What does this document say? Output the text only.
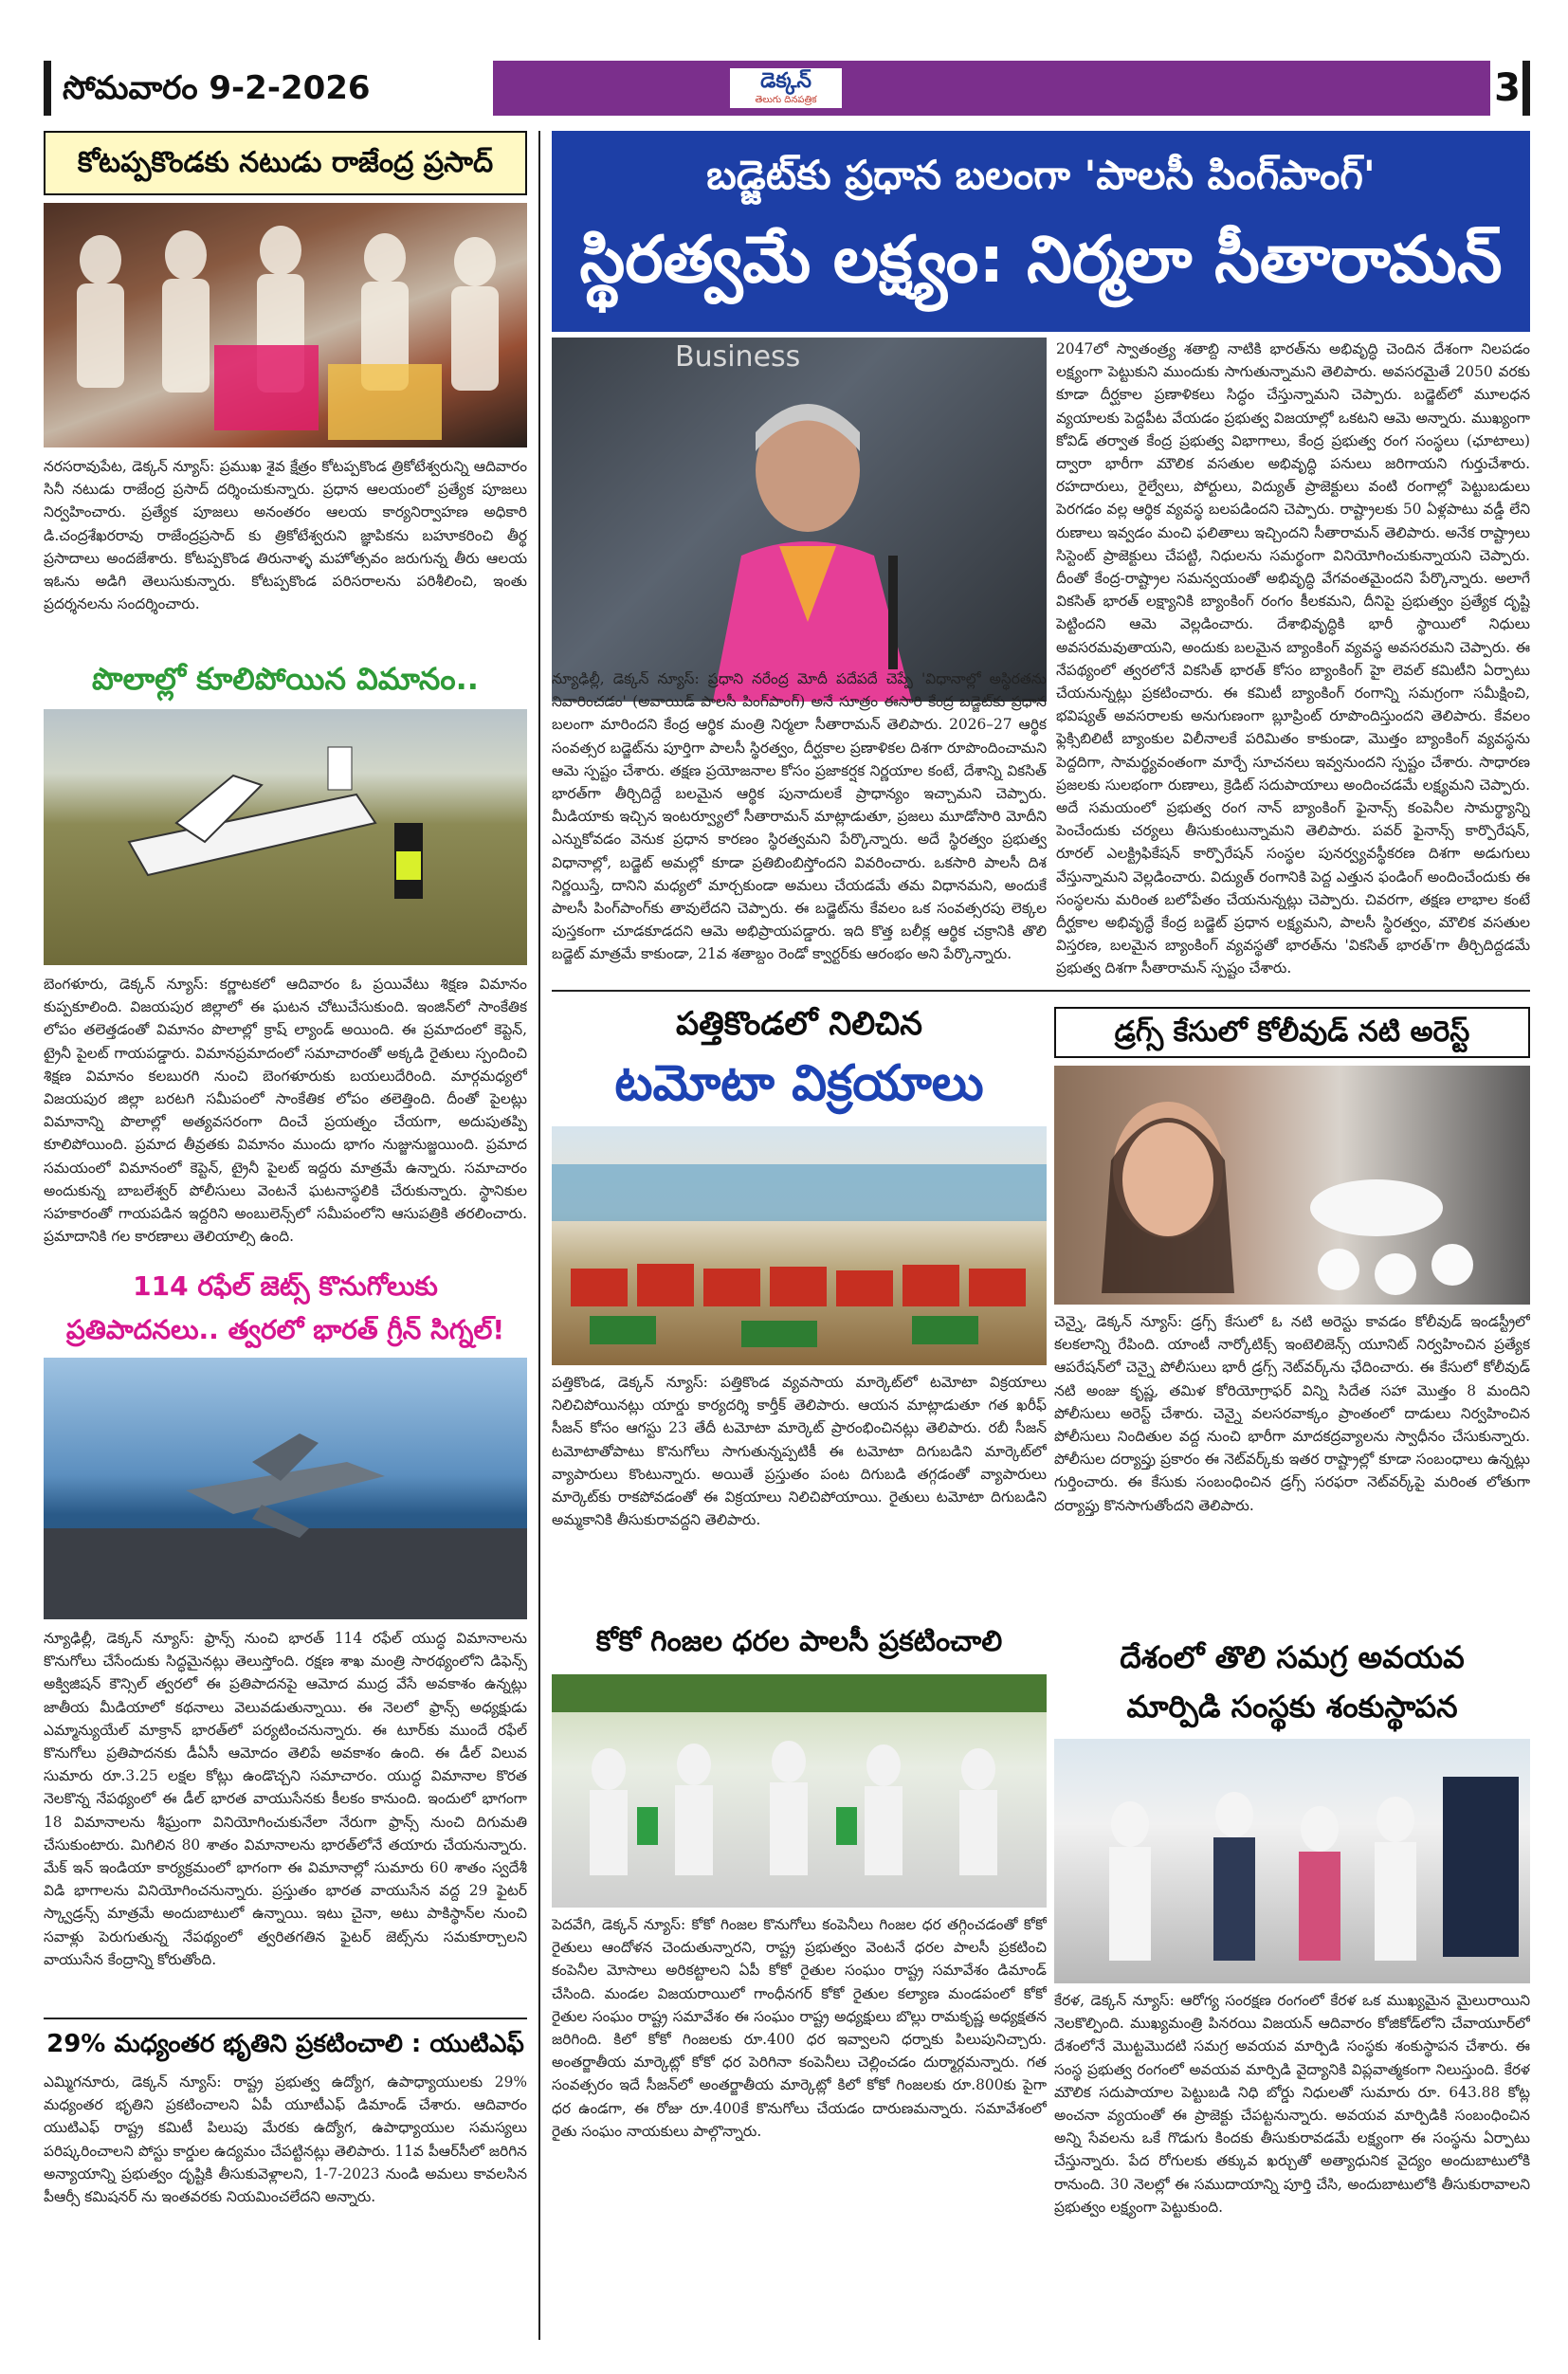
సోమవారం 9-2-2026	డెక్కన్
తెలుగు దినపత్రిక	3
కోటప్పకొండకు నటుడు రాజేంద్ర ప్రసాద్
నరసరావుపేట, డెక్కన్ న్యూస్: ప్రముఖ శైవ క్షేత్రం కోటప్పకొండ త్రికోటేశ్వరున్ని ఆదివారం సినీ నటుడు రాజేంద్ర ప్రసాద్ దర్శించుకున్నారు. ప్రధాన ఆలయంలో ప్రత్యేక పూజలు నిర్వహించారు. ప్రత్యేక పూజలు అనంతరం ఆలయ కార్యనిర్వాహణ అధికారి డి.చంద్రశేఖరరావు రాజేంద్రప్రసాద్ కు త్రికోటేశ్వరుని జ్ఞాపికను బహూకరించి తీర్థ ప్రసాదాలు అందజేశారు. కోటప్పకొండ తిరునాళ్ళ మహోత్సవం జరుగున్న తీరు ఆలయ ఇఓను అడిగి తెలుసుకున్నారు. కోటప్పకొండ పరిసరాలను పరిశీలించి, ఇంతు ప్రదర్శనలను సందర్శించారు.
పొలాల్లో కూలిపోయిన విమానం..
బెంగళూరు, డెక్కన్ న్యూస్: కర్ణాటకలో ఆదివారం ఓ ప్రయివేటు శిక్షణ విమానం కుప్పకూలింది. విజయపుర జిల్లాలో ఈ ఘటన చోటుచేసుకుంది. ఇంజిన్‌లో సాంకేతిక లోపం తలెత్తడంతో విమానం పొలాల్లో క్రాష్ ల్యాండ్ అయింది. ఈ ప్రమాదంలో కెప్టెన్, ట్రైనీ పైలట్ గాయపడ్డారు. విమానప్రమాదంలో సమాచారంతో అక్కడి రైతులు స్పందించి శిక్షణ విమానం కలబురగి నుంచి బెంగళూరుకు బయలుదేరింది. మార్గమధ్యలో విజయపుర జిల్లా బరటగి సమీపంలో సాంకేతిక లోపం తలెత్తింది. దీంతో పైలట్లు విమానాన్ని పొలాల్లో అత్యవసరంగా దించే ప్రయత్నం చేయగా, అదుపుతప్పి కూలిపోయింది. ప్రమాద తీవ్రతకు విమానం ముందు భాగం నుజ్జునుజ్జయింది. ప్రమాద సమయంలో విమానంలో కెప్టెన్, ట్రైనీ పైలట్ ఇద్దరు మాత్రమే ఉన్నారు. సమాచారం అందుకున్న బాబలేశ్వర్ పోలీసులు వెంటనే ఘటనాస్థలికి చేరుకున్నారు. స్థానికుల సహకారంతో గాయపడిన ఇద్దరిని అంబులెన్స్‌లో సమీపంలోని ఆసుపత్రికి తరలించారు. ప్రమాదానికి గల కారణాలు తెలియాల్సి ఉంది.
114 రఫేల్ జెట్స్ కొనుగోలుకు
ప్రతిపాదనలు.. త్వరలో భారత్ గ్రీన్ సిగ్నల్!
న్యూఢిల్లీ, డెక్కన్ న్యూస్: ఫ్రాన్స్ నుంచి భారత్ 114 రఫేల్ యుద్ధ విమానాలను కొనుగోలు చేసేందుకు సిద్ధమైనట్లు తెలుస్తోంది. రక్షణ శాఖ మంత్రి సారథ్యంలోని డిఫెన్స్ అక్విజిషన్ కౌన్సిల్ త్వరలో ఈ ప్రతిపాదనపై ఆమోద ముద్ర వేసే అవకాశం ఉన్నట్లు జాతీయ మీడియాలో కథనాలు వెలువడుతున్నాయి. ఈ నెలలో ఫ్రాన్స్ అధ్యక్షుడు ఎమ్మాన్యుయేల్ మాక్రాన్ భారత్‌లో పర్యటించనున్నారు. ఈ టూర్‌కు ముందే రఫేల్ కొనుగోలు ప్రతిపాదనకు డీఏసీ ఆమోదం తెలిపే అవకాశం ఉంది. ఈ డీల్ విలువ సుమారు రూ.3.25 లక్షల కోట్లు ఉండొచ్చని సమాచారం. యుద్ధ విమానాల కొరత నెలకొన్న నేపథ్యంలో ఈ డీల్ భారత వాయుసేనకు కీలకం కానుంది. ఇందులో భాగంగా 18 విమానాలను శీఘ్రంగా వినియోగించుకునేలా నేరుగా ఫ్రాన్స్ నుంచి దిగుమతి చేసుకుంటారు. మిగిలిన 80 శాతం విమానాలను భారత్‌లోనే తయారు చేయనున్నారు. మేక్ ఇన్ ఇండియా కార్యక్రమంలో భాగంగా ఈ విమానాల్లో సుమారు 60 శాతం స్వదేశీ విడి భాగాలను వినియోగించనున్నారు. ప్రస్తుతం భారత వాయుసేన వద్ద 29 ఫైటర్ స్క్వాడ్రన్స్ మాత్రమే అందుబాటులో ఉన్నాయి. ఇటు చైనా, అటు పాకిస్థాన్‌ల నుంచి సవాళ్లు పెరుగుతున్న నేపథ్యంలో త్వరితగతిన ఫైటర్ జెట్స్‌ను సమకూర్చాలని వాయుసేన కేంద్రాన్ని కోరుతోంది.
29% మధ్యంతర భృతిని ప్రకటించాలి : యుటిఎఫ్
ఎమ్మిగనూరు, డెక్కన్ న్యూస్: రాష్ట్ర ప్రభుత్వ ఉద్యోగ, ఉపాధ్యాయులకు 29% మధ్యంతర భృతిని ప్రకటించాలని ఏపీ యూటీఎఫ్ డిమాండ్ చేశారు. ఆదివారం యుటిఎఫ్ రాష్ట్ర కమిటీ పిలుపు మేరకు ఉద్యోగ, ఉపాధ్యాయుల సమస్యలు పరిష్కరించాలని పోస్టు కార్డుల ఉద్యమం చేపట్టినట్లు తెలిపారు. 11వ పీఆర్‌సీలో జరిగిన అన్యాయాన్ని ప్రభుత్వం దృష్టికి తీసుకువెళ్లాలని, 1-7-2023 నుండి అమలు కావలసిన పీఆర్సీ కమిషనర్ ను ఇంతవరకు నియమించలేదని అన్నారు.
బడ్జెట్‌కు ప్రధాన బలంగా 'పాలసీ పింగ్‌పాంగ్'
స్థిరత్వమే లక్ష్యం: నిర్మలా సీతారామన్
Business
న్యూఢిల్లీ, డెక్కన్ న్యూస్: ప్రధాని నరేంద్ర మోదీ పదేపదే చెప్పే 'విధానాల్లో అస్థిరతను నివారించడం' (అవాయిడ్ పాలసీ పింగ్‌పాంగ్) అనే సూత్రం ఈసారి కేంద్ర బడ్జెట్‌కు ప్రధాన బలంగా మారిందని కేంద్ర ఆర్థిక మంత్రి నిర్మలా సీతారామన్ తెలిపారు. 2026–27 ఆర్థిక సంవత్సర బడ్జెట్‌ను పూర్తిగా పాలసీ స్థిరత్వం, దీర్ఘకాల ప్రణాళికల దిశగా రూపొందించామని ఆమె స్పష్టం చేశారు. తక్షణ ప్రయోజనాల కోసం ప్రజాకర్షక నిర్ణయాల కంటే, దేశాన్ని వికసిత్ భారత్‌గా తీర్చిదిద్దే బలమైన ఆర్థిక పునాదులకే ప్రాధాన్యం ఇచ్చామని చెప్పారు. మీడియాకు ఇచ్చిన ఇంటర్వ్యూలో సీతారామన్ మాట్లాడుతూ, ప్రజలు మూడోసారి మోదీని ఎన్నుకోవడం వెనుక ప్రధాన కారణం స్థిరత్వమని పేర్కొన్నారు. అదే స్థిరత్వం ప్రభుత్వ విధానాల్లో, బడ్జెట్ అమల్లో కూడా ప్రతిబింబిస్తోందని వివరించారు. ఒకసారి పాలసీ దిశ నిర్ణయిస్తే, దానిని మధ్యలో మార్చకుండా అమలు చేయడమే తమ విధానమని, అందుకే పాలసీ పింగ్‌పాంగ్‌కు తావులేదని చెప్పారు. ఈ బడ్జెట్‌ను కేవలం ఒక సంవత్సరపు లెక్కల పుస్తకంగా చూడకూడదని ఆమె అభిప్రాయపడ్డారు. ఇది కొత్త బలీక్ల ఆర్థిక చక్రానికి తొలి బడ్జెట్ మాత్రమే కాకుండా, 21వ శతాబ్దం రెండో క్వార్టర్‌కు ఆరంభం అని పేర్కొన్నారు.
2047లో స్వాతంత్ర్య శతాబ్ది నాటికి భారత్‌ను అభివృద్ధి చెందిన దేశంగా నిలపడం లక్ష్యంగా పెట్టుకుని ముందుకు సాగుతున్నామని తెలిపారు. అవసరమైతే 2050 వరకు కూడా దీర్ఘకాల ప్రణాళికలు సిద్ధం చేస్తున్నామని చెప్పారు. బడ్జెట్‌లో మూలధన వ్యయాలకు పెద్దపీట వేయడం ప్రభుత్వ విజయాల్లో ఒకటని ఆమె అన్నారు. ముఖ్యంగా కోవిడ్ తర్వాత కేంద్ర ప్రభుత్వ విభాగాలు, కేంద్ర ప్రభుత్వ రంగ సంస్థలు (ఛూటాలు) ద్వారా భారీగా మౌలిక వసతుల అభివృద్ధి పనులు జరిగాయని గుర్తుచేశారు. రహదారులు, రైల్వేలు, పోర్టులు, విద్యుత్ ప్రాజెక్టులు వంటి రంగాల్లో పెట్టుబడులు పెరగడం వల్ల ఆర్థిక వ్యవస్థ బలపడిందని చెప్పారు. రాష్ట్రాలకు 50 ఏళ్లపాటు వడ్డీ లేని రుణాలు ఇవ్వడం మంచి ఫలితాలు ఇచ్చిందని సీతారామన్ తెలిపారు. అనేక రాష్ట్రాలు సిస్టెంట్ ప్రాజెక్టులు చేపట్టి, నిధులను సమర్థంగా వినియోగించుకున్నాయని చెప్పారు. దీంతో కేంద్ర-రాష్ట్రాల సమన్వయంతో అభివృద్ధి వేగవంతమైందని పేర్కొన్నారు. అలాగే వికసిత్ భారత్ లక్ష్యానికి బ్యాంకింగ్ రంగం కీలకమని, దీనిపై ప్రభుత్వం ప్రత్యేక దృష్టి పెట్టిందని ఆమె వెల్లడించారు. దేశాభివృద్ధికి భారీ స్థాయిలో నిధులు అవసరమవుతాయని, అందుకు బలమైన బ్యాంకింగ్ వ్యవస్థ అవసరమని చెప్పారు. ఈ నేపథ్యంలో త్వరలోనే వికసిత్ భారత్ కోసం బ్యాంకింగ్ హై లెవల్ కమిటీని ఏర్పాటు చేయనున్నట్లు ప్రకటించారు. ఈ కమిటీ బ్యాంకింగ్ రంగాన్ని సమగ్రంగా సమీక్షించి, భవిష్యత్ అవసరాలకు అనుగుణంగా బ్లూప్రింట్ రూపొందిస్తుందని తెలిపారు. కేవలం ఫ్లెక్సిబిలిటీ బ్యాంకుల విలీనాలకే పరిమితం కాకుండా, మొత్తం బ్యాంకింగ్ వ్యవస్థను పెద్దదిగా, సామర్థ్యవంతంగా మార్చే సూచనలు ఇవ్వనుందని స్పష్టం చేశారు. సాధారణ ప్రజలకు సులభంగా రుణాలు, క్రెడిట్ సదుపాయాలు అందించడమే లక్ష్యమని చెప్పారు. అదే సమయంలో ప్రభుత్వ రంగ నాన్ బ్యాంకింగ్ ఫైనాన్స్ కంపెనీల సామర్థ్యాన్ని పెంచేందుకు చర్యలు తీసుకుంటున్నామని తెలిపారు. పవర్ ఫైనాన్స్ కార్పొరేషన్, రూరల్ ఎలక్ట్రిఫికేషన్ కార్పొరేషన్ సంస్థల పునర్వ్యవస్థీకరణ దిశగా అడుగులు వేస్తున్నామని వెల్లడించారు. విద్యుత్ రంగానికి పెద్ద ఎత్తున ఫండింగ్ అందించేందుకు ఈ సంస్థలను మరింత బలోపేతం చేయనున్నట్లు చెప్పారు. చివరగా, తక్షణ లాభాల కంటే దీర్ఘకాల అభివృద్ధే కేంద్ర బడ్జెట్ ప్రధాన లక్ష్యమని, పాలసీ స్థిరత్వం, మౌలిక వసతుల విస్తరణ, బలమైన బ్యాంకింగ్ వ్యవస్థతో భారత్‌ను 'వికసిత్ భారత్'గా తీర్చిదిద్దడమే ప్రభుత్వ దిశగా సీతారామన్ స్పష్టం చేశారు.
పత్తికొండలో నిలిచిన
టమోటా విక్రయాలు
పత్తికొండ, డెక్కన్ న్యూస్: పత్తికొండ వ్యవసాయ మార్కెట్‌లో టమోటా విక్రయాలు నిలిచిపోయినట్లు యార్డు కార్యదర్శి కార్తీక్ తెలిపారు. ఆయన మాట్లాడుతూ గత ఖరీఫ్ సీజన్ కోసం ఆగస్టు 23 తేదీ టమోటా మార్కెట్ ప్రారంభించినట్లు తెలిపారు. రబీ సీజన్ టమోటాతోపాటు కొనుగోలు సాగుతున్నప్పటికీ ఈ టమోటా దిగుబడిని మార్కెట్‌లో వ్యాపారులు కొంటున్నారు. అయితే ప్రస్తుతం పంట దిగుబడి తగ్గడంతో వ్యాపారులు మార్కెట్‌కు రాకపోవడంతో ఈ విక్రయాలు నిలిచిపోయాయి. రైతులు టమోటా దిగుబడిని అమ్మకానికి తీసుకురావద్దని తెలిపారు.
కోకో గింజల ధరల పాలసీ ప్రకటించాలి
పెదవేగి, డెక్కన్ న్యూస్: కోకో గింజల కొనుగోలు కంపెనీలు గింజల ధర తగ్గించడంతో కోకో రైతులు ఆందోళన చెందుతున్నారని, రాష్ట్ర ప్రభుత్వం వెంటనే ధరల పాలసీ ప్రకటించి కంపెనీల మోసాలు అరికట్టాలని ఏపీ కోకో రైతుల సంఘం రాష్ట్ర సమావేశం డిమాండ్ చేసింది. మండల విజయరాయిలో గాంధీనగర్ కోకో రైతుల కల్యాణ మండపంలో కోకో రైతుల సంఘం రాష్ట్ర సమావేశం ఈ సంఘం రాష్ట్ర అధ్యక్షులు బొల్లు రామకృష్ణ అధ్యక్షతన జరిగింది. కిలో కోకో గింజలకు రూ.400 ధర ఇవ్వాలని ధర్నాకు పిలుపునిచ్చారు. అంతర్జాతీయ మార్కెట్లో కోకో ధర పెరిగినా కంపెనీలు చెల్లించడం దుర్మార్గమన్నారు. గత సంవత్సరం ఇదే సీజన్‌లో అంతర్జాతీయ మార్కెట్లో కిలో కోకో గింజలకు రూ.800కు పైగా ధర ఉండగా, ఈ రోజు రూ.400కే కొనుగోలు చేయడం దారుణమన్నారు. సమావేశంలో రైతు సంఘం నాయకులు పాల్గొన్నారు.
డ్రగ్స్ కేసులో కోలీవుడ్ నటి అరెస్ట్
చెన్నై, డెక్కన్ న్యూస్: డ్రగ్స్ కేసులో ఓ నటి అరెస్టు కావడం కోలీవుడ్ ఇండస్ట్రీలో కలకలాన్ని రేపింది. యాంటీ నార్కోటిక్స్ ఇంటెలిజెన్స్ యూనిట్ నిర్వహించిన ప్రత్యేక ఆపరేషన్‌లో చెన్నై పోలీసులు భారీ డ్రగ్స్ నెట్‌వర్క్‌ను ఛేదించారు. ఈ కేసులో కోలీవుడ్ నటి అంజు కృష్ణ, తమిళ కోరియోగ్రాఫర్ విన్ని సిదేత సహా మొత్తం 8 మందిని పోలీసులు అరెస్ట్ చేశారు. చెన్నై వలసరవాక్కం ప్రాంతంలో దాడులు నిర్వహించిన పోలీసులు నిందితుల వద్ద నుంచి భారీగా మాదకద్రవ్యాలను స్వాధీనం చేసుకున్నారు. పోలీసుల దర్యాప్తు ప్రకారం ఈ నెట్‌వర్క్‌కు ఇతర రాష్ట్రాల్లో కూడా సంబంధాలు ఉన్నట్లు గుర్తించారు. ఈ కేసుకు సంబంధించిన డ్రగ్స్ సరఫరా నెట్‌వర్క్‌పై మరింత లోతుగా దర్యాప్తు కొనసాగుతోందని తెలిపారు.
దేశంలో తొలి సమగ్ర అవయవ
మార్పిడి సంస్థకు శంకుస్థాపన
కేరళ, డెక్కన్ న్యూస్: ఆరోగ్య సంరక్షణ రంగంలో కేరళ ఒక ముఖ్యమైన మైలురాయిని నెలకొల్పింది. ముఖ్యమంత్రి పినరయి విజయన్ ఆదివారం కోజికోడ్‌లోని చేవాయూర్‌లో దేశంలోనే మొట్టమొదటి సమగ్ర అవయవ మార్పిడి సంస్థకు శంకుస్థాపన చేశారు. ఈ సంస్థ ప్రభుత్వ రంగంలో అవయవ మార్పిడి వైద్యానికి విప్లవాత్మకంగా నిలుస్తుంది. కేరళ మౌలిక సదుపాయాల పెట్టుబడి నిధి బోర్డు నిధులతో సుమారు రూ. 643.88 కోట్ల అంచనా వ్యయంతో ఈ ప్రాజెక్టు చేపట్టనున్నారు. అవయవ మార్పిడికి సంబంధించిన అన్ని సేవలను ఒకే గొడుగు కిందకు తీసుకురావడమే లక్ష్యంగా ఈ సంస్థను ఏర్పాటు చేస్తున్నారు. పేద రోగులకు తక్కువ ఖర్చుతో అత్యాధునిక వైద్యం అందుబాటులోకి రానుంది. 30 నెలల్లో ఈ సముదాయాన్ని పూర్తి చేసి, అందుబాటులోకి తీసుకురావాలని ప్రభుత్వం లక్ష్యంగా పెట్టుకుంది.
